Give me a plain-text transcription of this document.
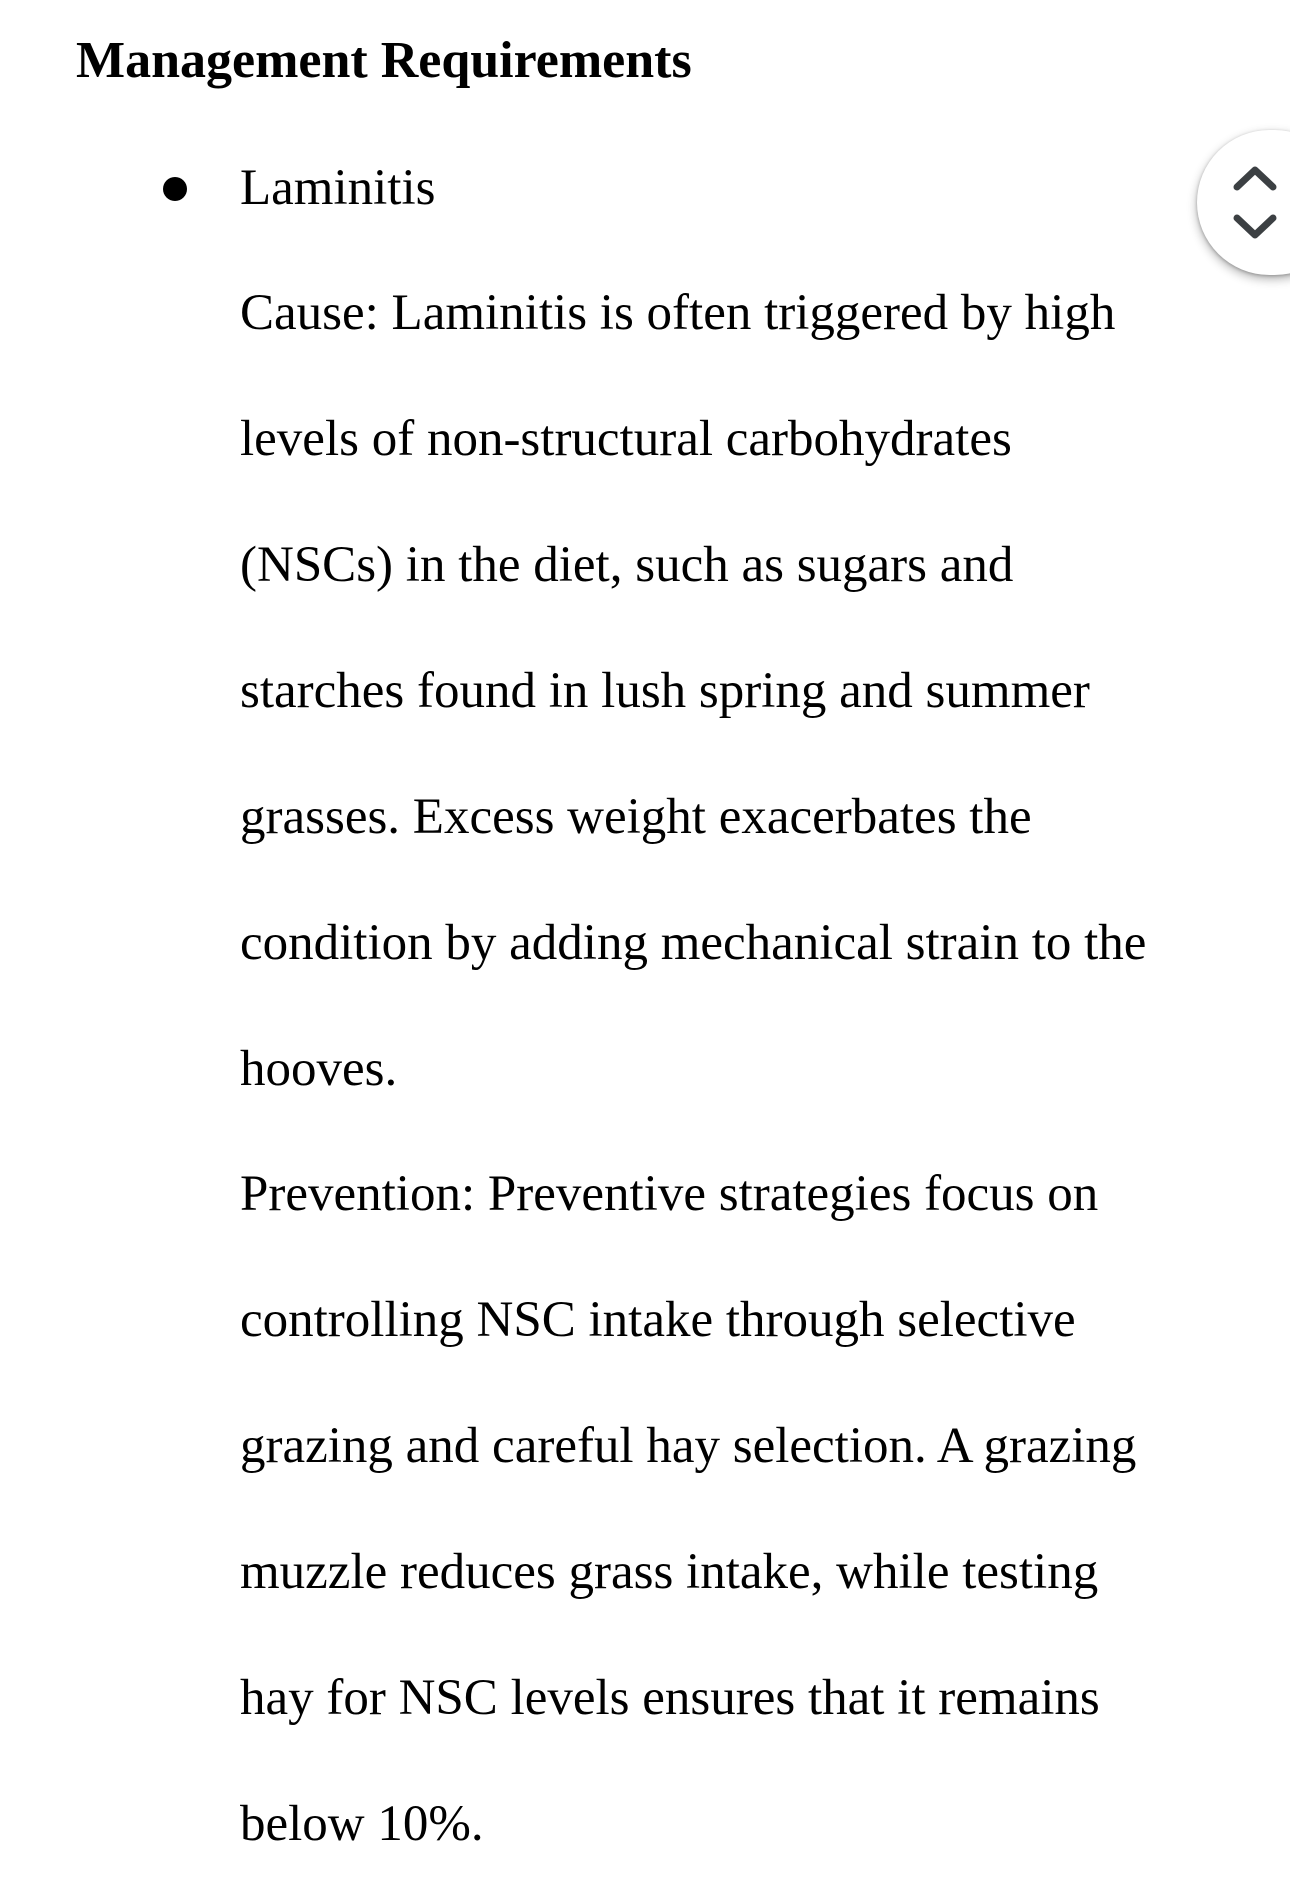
Management Requirements
Laminitis
Cause: Laminitis is often triggered by high
levels of non-structural carbohydrates
(NSCs) in the diet, such as sugars and
starches found in lush spring and summer
grasses. Excess weight exacerbates the
condition by adding mechanical strain to the
hooves.
Prevention: Preventive strategies focus on
controlling NSC intake through selective
grazing and careful hay selection. A grazing
muzzle reduces grass intake, while testing
hay for NSC levels ensures that it remains
below 10%.
